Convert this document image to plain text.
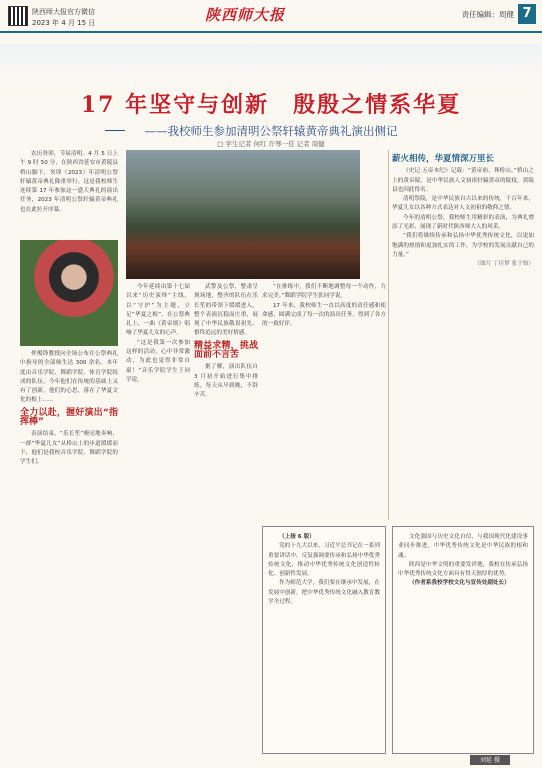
陕西师大报官方微信
2023 年 4 月 15 日	陕西师大报	责任编辑：周健 7
17 年坚守与创新　殷殷之情系华夏
——我校师生参加清明公祭轩辕黄帝典礼演出侧记
□ 学生记者 何红 许琴一佳 记者 周健

农历癸卯，节届清明。4 月 5 日上午 9 时 50 分，在陕西省延安市黄陵县桥山脚下，癸卯（2023）年清明公祭轩辕黄帝典礼隆重举行。这是我校师生连续第 17 年参加这一盛大典礼的演出任务，2023 年清明公祭轩辕黄帝典礼也在此拉开序幕。

仲俊锋教授向全场公布在公祭典礼中指导的全部师生达 300 余名。本年度由音乐学院、舞蹈学院、体育学院组成的队伍，今年他们在传统的基础上又有了创新。他们的心思，落在了华夏文化的根上……

全力以赴，握好演出“指挥棒”

表演结束，“乐长笙”嘹亮地奏响，一群“华夏儿女”从桥山上的步道缓缓而下，他们是我校音乐学院、舞蹈学院的学生们。

今年延续由第十七届以来“历史演绎”主线，以“守护”为主题，立足“华夏之根”，在公祭典礼上，一曲《黄帝颂》唱响了华夏儿女的心声。

“这是我第一次参加这样的活动，心中非常激动，为此也觉得非常自豪！”音乐学院学生王同学说。

武警及公祭，整肃呈现场地，整齐的队伍在乐长笙的带领下缓缓进入，整个表演沉稳而庄重，展现了中华民族敬畏祖先、慎终追远的美好情感。

精益求精，挑战面前不言苦

据了解，演出队伍自 3 月初开始进行集中排练，每天从早到晚，不辞辛苦。

“在排练中，我们不断地调整每一个动作，力求完美。”舞蹈学院学生张同学说。

17 年来，我校师生一直以高度的责任感和使命感，圆满完成了每一次的演出任务，得到了各方的一致好评。

薪火相传，华夏情深万里长

《史记·五帝本纪》记载：“黄帝崩，葬桥山。”桥山之上的黄帝陵，是中华民族人文初祖轩辕黄帝的陵寝，黄陵县也因此得名。

清明祭陵，是中华民族自古以来的传统，千百年来，华夏儿女以各种方式表达对人文初祖的敬仰之情。

今年的清明公祭，我校师生用精彩的表演，为典礼增添了光彩，展现了新时代陕西师大人的风采。

“我们将继续传承和弘扬中华优秀传统文化，以更加饱满的热情和更加扎实的工作，为学校的发展贡献自己的力量。”

（图片 丁佳梦 张于怡）

（上接 6 版）

党的十九大以来，习近平总书记在一系列重要讲话中，反复强调要传承和弘扬中华优秀传统文化，推动中华优秀传统文化创造性转化、创新性发展。

作为师范大学，我们要在继承中发展，在发展中创新，把中华优秀传统文化融入教育教学全过程。

文化强国与历史文化自信，与我国现代化建设事业同步推进，中华优秀传统文化是中华民族的根和魂。

陕西是中华文明的重要发祥地，我校在传承弘扬中华优秀传统文化方面具有得天独厚的优势。

（作者系我校学校文化与宣传处副处长）

刘延 摄
